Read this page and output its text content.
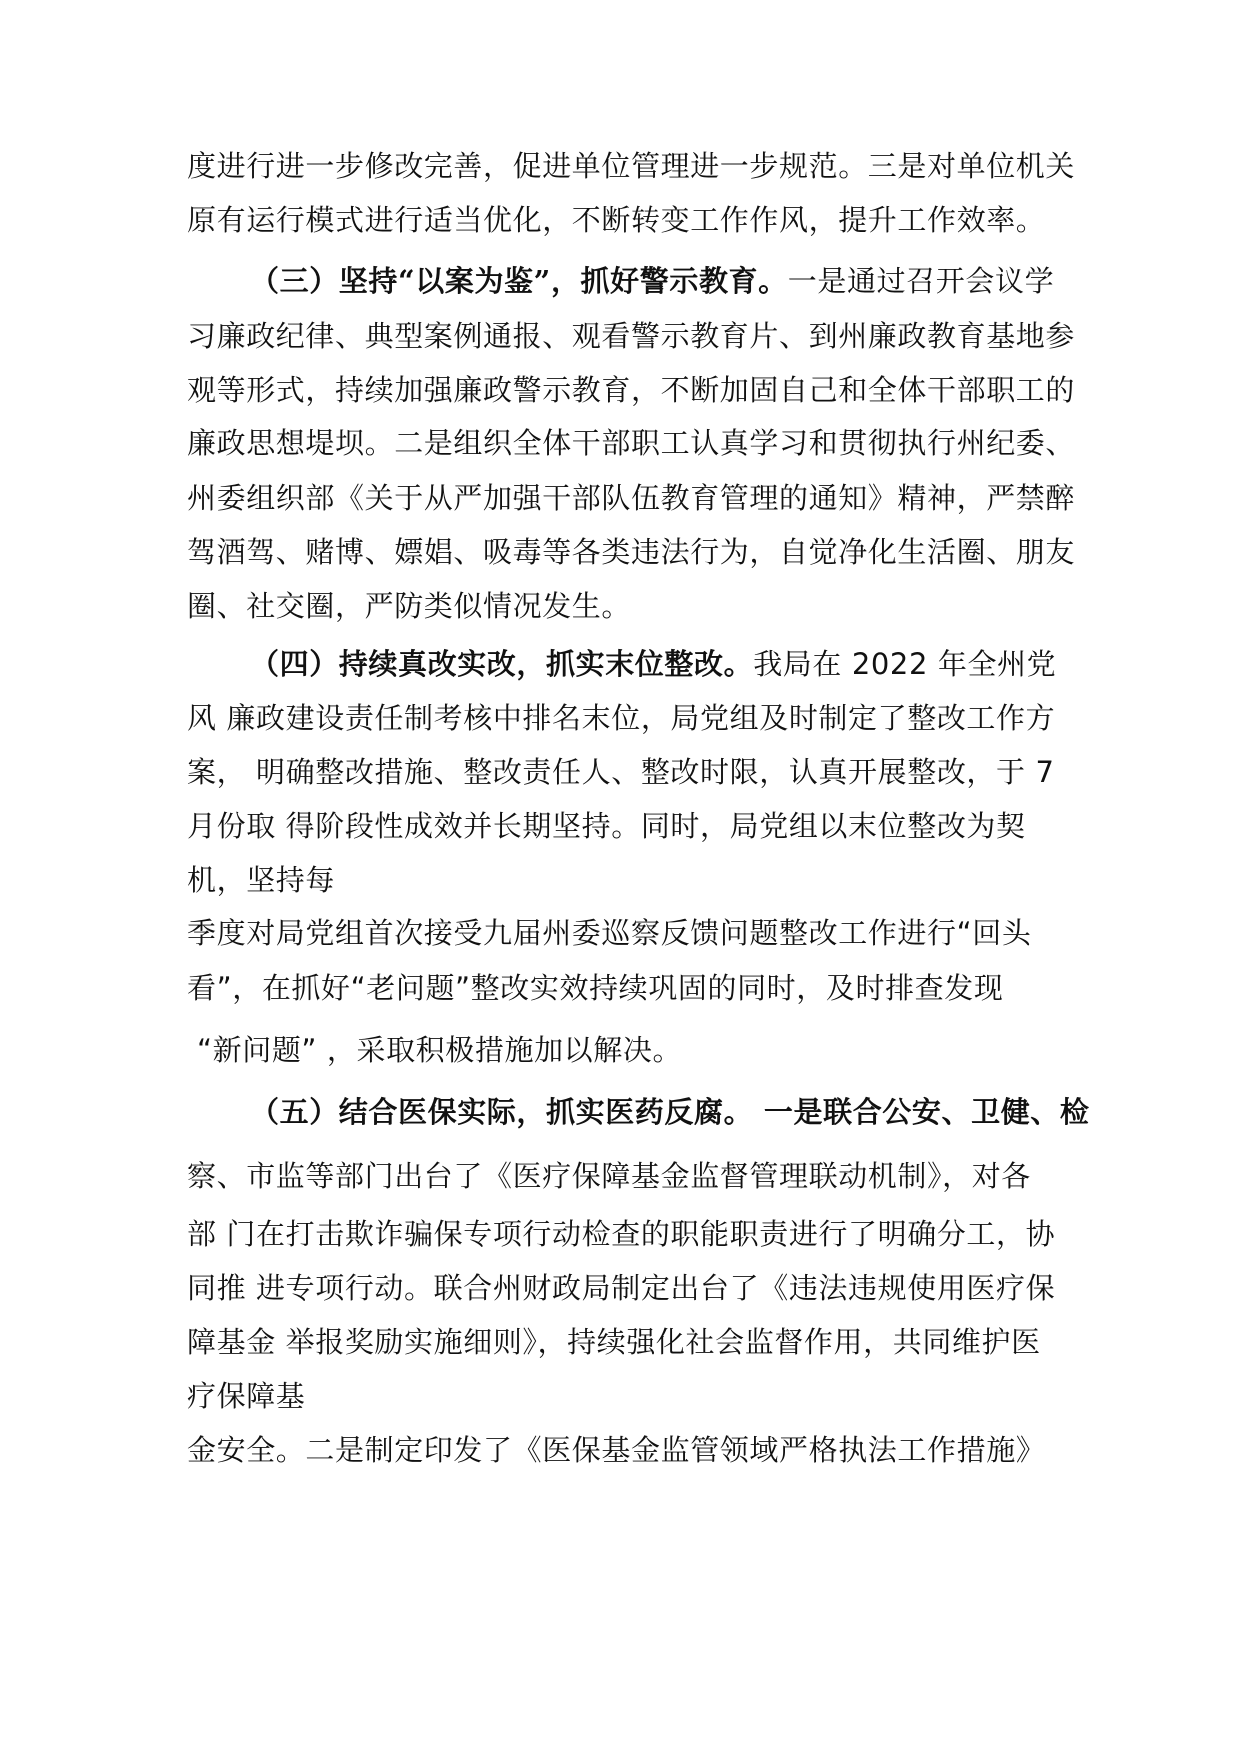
度进行进一步修改完善，促进单位管理进一步规范。三是对单位机关
原有运行模式进行适当优化，不断转变工作作风，提升工作效率。
（三）坚持“以案为鉴”，抓好警示教育。一是通过召开会议学
习廉政纪律、典型案例通报、观看警示教育片、到州廉政教育基地参
观等形式，持续加强廉政警示教育，不断加固自己和全体干部职工的
廉政思想堤坝。二是组织全体干部职工认真学习和贯彻执行州纪委、
州委组织部《关于从严加强干部队伍教育管理的通知》精神，严禁醉
驾酒驾、赌博、嫖娼、吸毒等各类违法行为，自觉净化生活圈、朋友
圈、社交圈，严防类似情况发生。
（四）持续真改实改，抓实末位整改。我局在 2022 年全州党
风 廉政建设责任制考核中排名末位，局党组及时制定了整改工作方
案， 明确整改措施、整改责任人、整改时限，认真开展整改，于 7
月份取 得阶段性成效并长期坚持。同时，局党组以末位整改为契
机，坚持每
季度对局党组首次接受九届州委巡察反馈问题整改工作进行“回头
看”，在抓好“老问题”整改实效持续巩固的同时，及时排查发现
“新问题” ，采取积极措施加以解决。
（五）结合医保实际，抓实医药反腐。 一是联合公安、卫健、检
察、市监等部门出台了《医疗保障基金监督管理联动机制》，对各
部 门在打击欺诈骗保专项行动检查的职能职责进行了明确分工，协
同推 进专项行动。联合州财政局制定出台了《违法违规使用医疗保
障基金 举报奖励实施细则》，持续强化社会监督作用，共同维护医
疗保障基
金安全。二是制定印发了《医保基金监管领域严格执法工作措施》
